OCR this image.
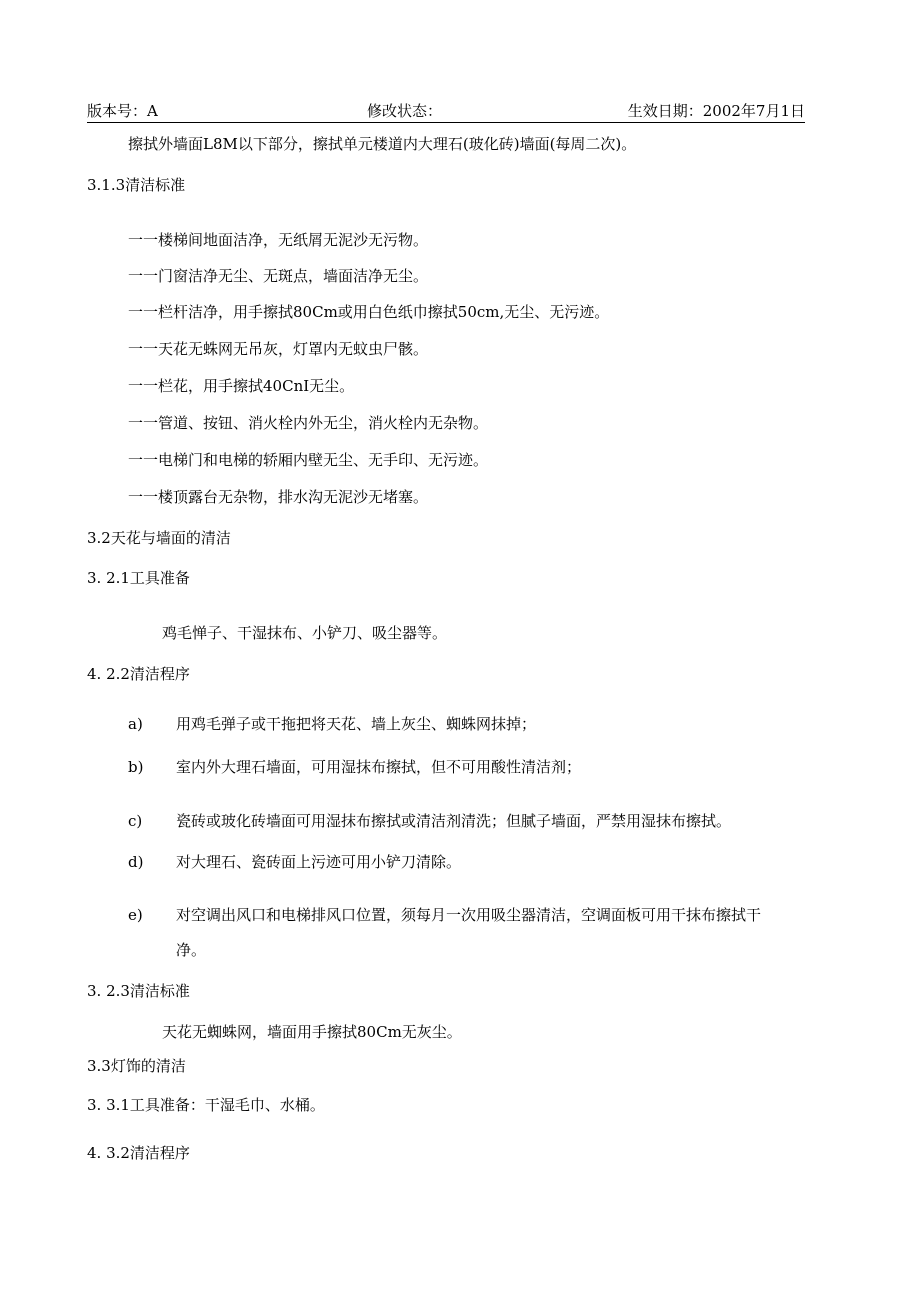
版本号：A	修改状态：	生效日期：2002年7月1日
擦拭外墙面L8M以下部分，擦拭单元楼道内大理石(玻化砖)墙面(每周二次)。
3.1.3清洁标准
一一楼梯间地面洁净，无纸屑无泥沙无污物。
一一门窗洁净无尘、无斑点，墙面洁净无尘。
一一栏杆洁净，用手擦拭80Cm或用白色纸巾擦拭50cm,无尘、无污迹。
一一天花无蛛网无吊灰，灯罩内无蚊虫尸骸。
一一栏花，用手擦拭40CnI无尘。
一一管道、按钮、消火栓内外无尘，消火栓内无杂物。
一一电梯门和电梯的轿厢内壁无尘、无手印、无污迹。
一一楼顶露台无杂物，排水沟无泥沙无堵塞。
3.2天花与墙面的清洁
3. 2.1工具准备
鸡毛惮子、干湿抹布、小铲刀、吸尘器等。
4. 2.2清洁程序
a) 用鸡毛弹子或干拖把将天花、墙上灰尘、蜘蛛网抹掉；
b) 室内外大理石墙面，可用湿抹布擦拭，但不可用酸性清洁剂；
c) 瓷砖或玻化砖墙面可用湿抹布擦拭或清洁剂清洗；但腻子墙面，严禁用湿抹布擦拭。
d) 对大理石、瓷砖面上污迹可用小铲刀清除。
e) 对空调出风口和电梯排风口位置，须每月一次用吸尘器清洁，空调面板可用干抹布擦拭干
净。
3. 2.3清洁标准
天花无蜘蛛网，墙面用手擦拭80Cm无灰尘。
3.3灯饰的清洁
3. 3.1工具准备：干湿毛巾、水桶。
4. 3.2清洁程序
